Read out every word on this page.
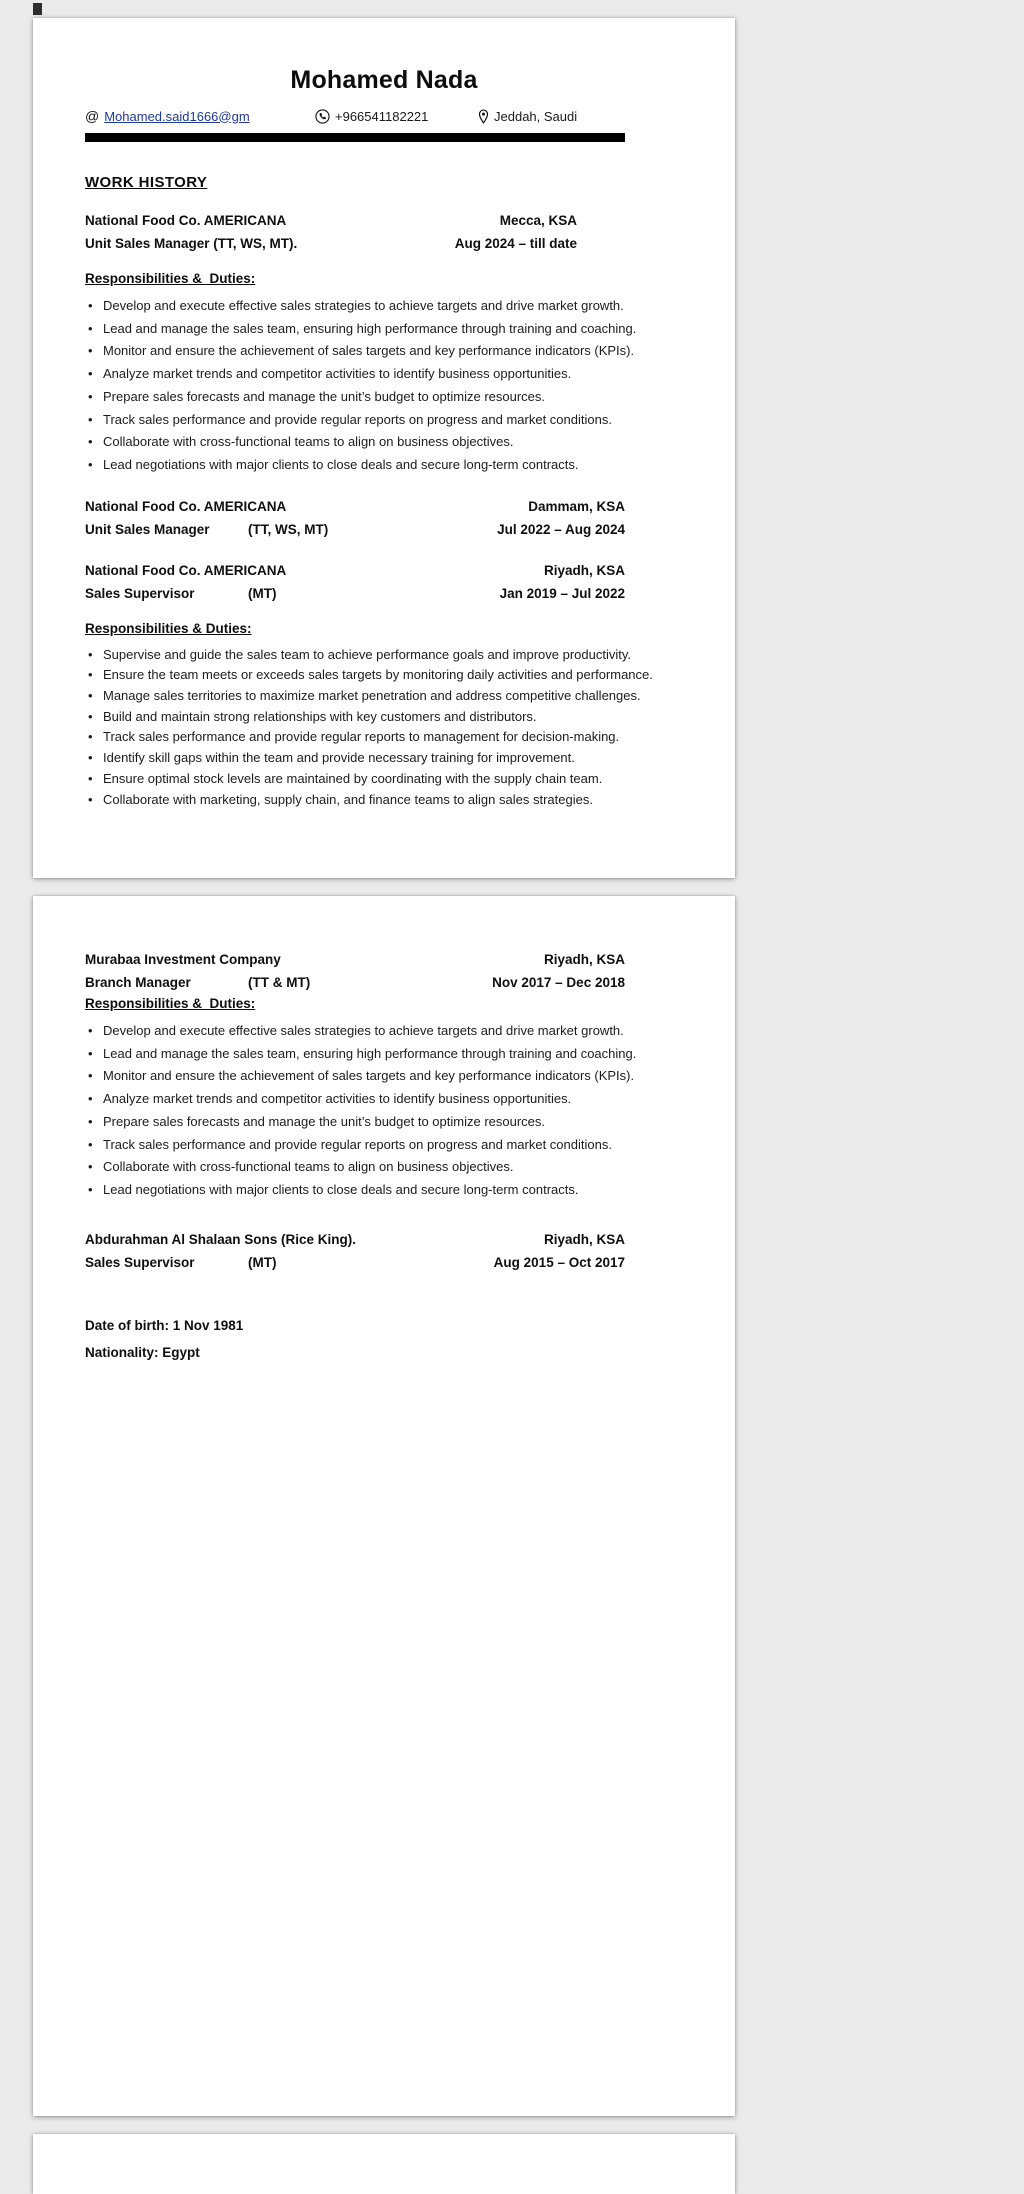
Mohamed Nada
@ Mohamed.said1666@gm	+966541182221	Jeddah, Saudi
WORK HISTORY
National Food Co. AMERICANA	Mecca, KSA
Unit Sales Manager (TT, WS, MT).	Aug 2024 – till date
Responsibilities &  Duties:
• Develop and execute effective sales strategies to achieve targets and drive market growth.
• Lead and manage the sales team, ensuring high performance through training and coaching.
• Monitor and ensure the achievement of sales targets and key performance indicators (KPIs).
• Analyze market trends and competitor activities to identify business opportunities.
• Prepare sales forecasts and manage the unit’s budget to optimize resources.
• Track sales performance and provide regular reports on progress and market conditions.
• Collaborate with cross-functional teams to align on business objectives.
• Lead negotiations with major clients to close deals and secure long-term contracts.
National Food Co. AMERICANA	Dammam, KSA
Unit Sales Manager	(TT, WS, MT)	Jul 2022 – Aug 2024
National Food Co. AMERICANA	Riyadh, KSA
Sales Supervisor	(MT)	Jan 2019 – Jul 2022
Responsibilities & Duties:
• Supervise and guide the sales team to achieve performance goals and improve productivity.
• Ensure the team meets or exceeds sales targets by monitoring daily activities and performance.
• Manage sales territories to maximize market penetration and address competitive challenges.
• Build and maintain strong relationships with key customers and distributors.
• Track sales performance and provide regular reports to management for decision-making.
• Identify skill gaps within the team and provide necessary training for improvement.
• Ensure optimal stock levels are maintained by coordinating with the supply chain team.
• Collaborate with marketing, supply chain, and finance teams to align sales strategies.
Murabaa Investment Company	Riyadh, KSA
Branch Manager	(TT & MT)	Nov 2017 – Dec 2018
Responsibilities &  Duties:
• Develop and execute effective sales strategies to achieve targets and drive market growth.
• Lead and manage the sales team, ensuring high performance through training and coaching.
• Monitor and ensure the achievement of sales targets and key performance indicators (KPIs).
• Analyze market trends and competitor activities to identify business opportunities.
• Prepare sales forecasts and manage the unit’s budget to optimize resources.
• Track sales performance and provide regular reports on progress and market conditions.
• Collaborate with cross-functional teams to align on business objectives.
• Lead negotiations with major clients to close deals and secure long-term contracts.
Abdurahman Al Shalaan Sons (Rice King).	Riyadh, KSA
Sales Supervisor	(MT)	Aug 2015 – Oct 2017
Date of birth: 1 Nov 1981
Nationality: Egypt
